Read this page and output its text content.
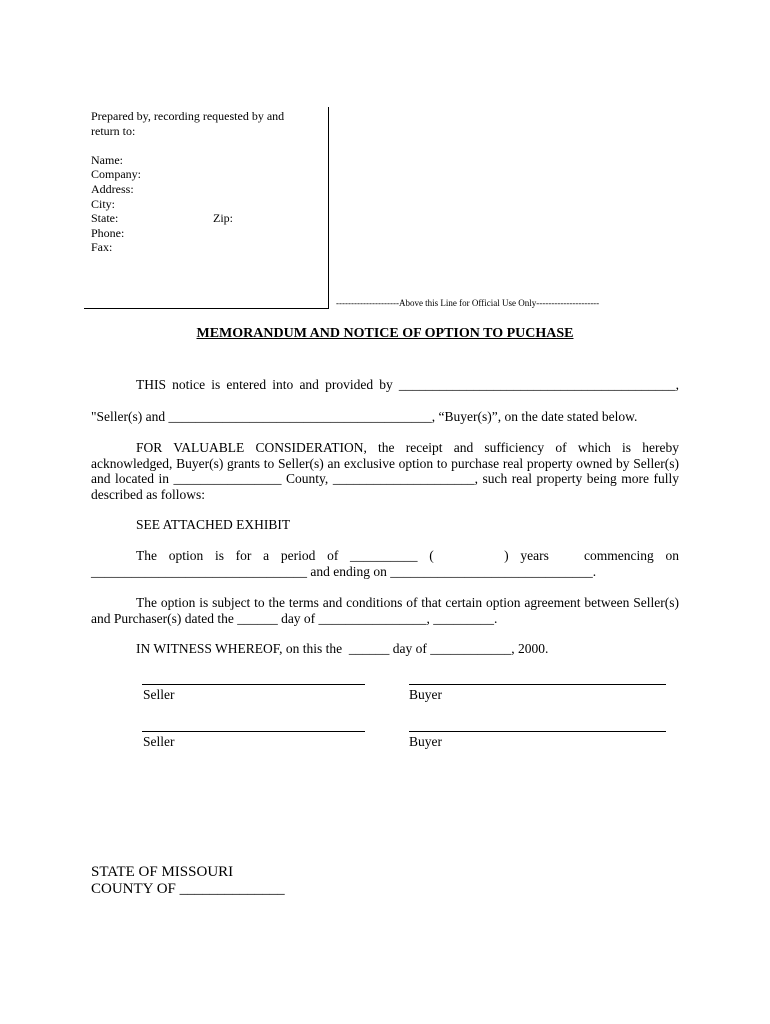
Prepared by, recording requested by and
return to:
Name:
Company:
Address:
City:
State:	Zip:
Phone:
Fax:
---------------------Above this Line for Official Use Only---------------------
MEMORANDUM AND NOTICE OF OPTION TO PUCHASE
THIS notice is entered into and provided by _________________________________________,
"Seller(s) and _______________________________________, “Buyer(s)”, on the date stated below.
FOR VALUABLE CONSIDERATION, the receipt and sufficiency of which is hereby acknowledged, Buyer(s) grants to Seller(s) an exclusive option to purchase real property owned by Seller(s) and located in ________________ County, _____________________, such real property being more fully described as follows:
SEE ATTACHED EXHIBIT
The option is for a period of __________ (      ) years   commencing on
________________________________ and ending on ______________________________.
The option is subject to the terms and conditions of that certain option agreement between Seller(s) and Purchaser(s) dated the ______ day of ________________, _________.
IN WITNESS WHEREOF, on this the  ______ day of ____________, 2000.
Seller	Buyer
Seller	Buyer
STATE OF MISSOURI
COUNTY OF ______________
